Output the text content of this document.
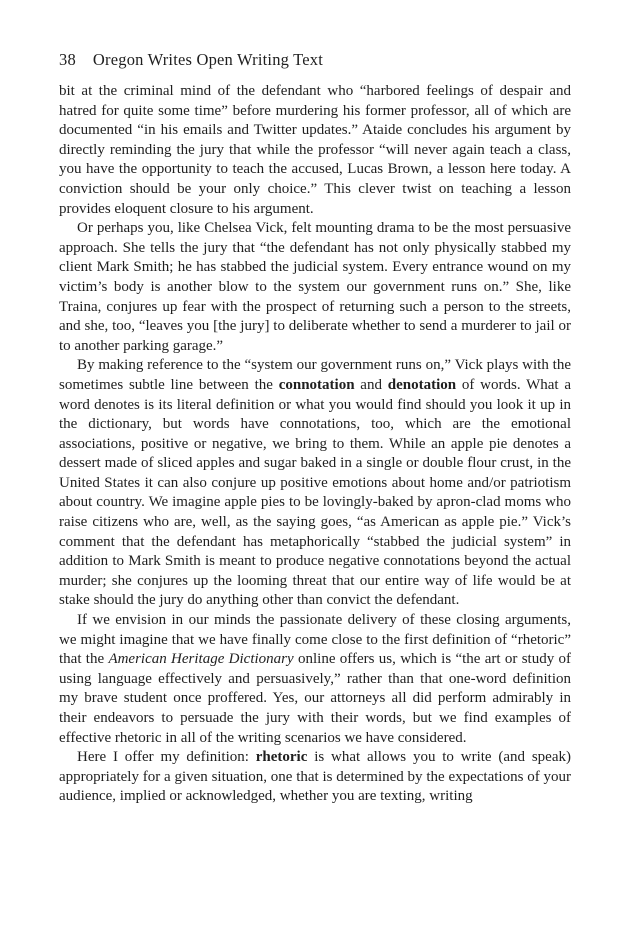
38 Oregon Writes Open Writing Text

bit at the criminal mind of the defendant who “harbored feelings of despair and hatred for quite some time” before murdering his former professor, all of which are documented “in his emails and Twitter updates.” Ataide concludes his argument by directly reminding the jury that while the professor “will never again teach a class, you have the opportunity to teach the accused, Lucas Brown, a lesson here today. A conviction should be your only choice.” This clever twist on teaching a lesson provides eloquent closure to his argument.

Or perhaps you, like Chelsea Vick, felt mounting drama to be the most persuasive approach. She tells the jury that “the defendant has not only physically stabbed my client Mark Smith; he has stabbed the judicial system. Every entrance wound on my victim’s body is another blow to the system our government runs on.” She, like Traina, conjures up fear with the prospect of returning such a person to the streets, and she, too, “leaves you [the jury] to deliberate whether to send a murderer to jail or to another parking garage.”

By making reference to the “system our government runs on,” Vick plays with the sometimes subtle line between the connotation and denotation of words. What a word denotes is its literal definition or what you would find should you look it up in the dictionary, but words have connotations, too, which are the emotional associations, positive or negative, we bring to them. While an apple pie denotes a dessert made of sliced apples and sugar baked in a single or double flour crust, in the United States it can also conjure up positive emotions about home and/or patriotism about country. We imagine apple pies to be lovingly-baked by apron-clad moms who raise citizens who are, well, as the saying goes, “as American as apple pie.” Vick’s comment that the defendant has metaphorically “stabbed the judicial system” in addition to Mark Smith is meant to produce negative connotations beyond the actual murder; she conjures up the looming threat that our entire way of life would be at stake should the jury do anything other than convict the defendant.

If we envision in our minds the passionate delivery of these closing arguments, we might imagine that we have finally come close to the first definition of “rhetoric” that the American Heritage Dictionary online offers us, which is “the art or study of using language effectively and persuasively,” rather than that one-word definition my brave student once proffered. Yes, our attorneys all did perform admirably in their endeavors to persuade the jury with their words, but we find examples of effective rhetoric in all of the writing scenarios we have considered.

Here I offer my definition: rhetoric is what allows you to write (and speak) appropriately for a given situation, one that is determined by the expectations of your audience, implied or acknowledged, whether you are texting, writing
